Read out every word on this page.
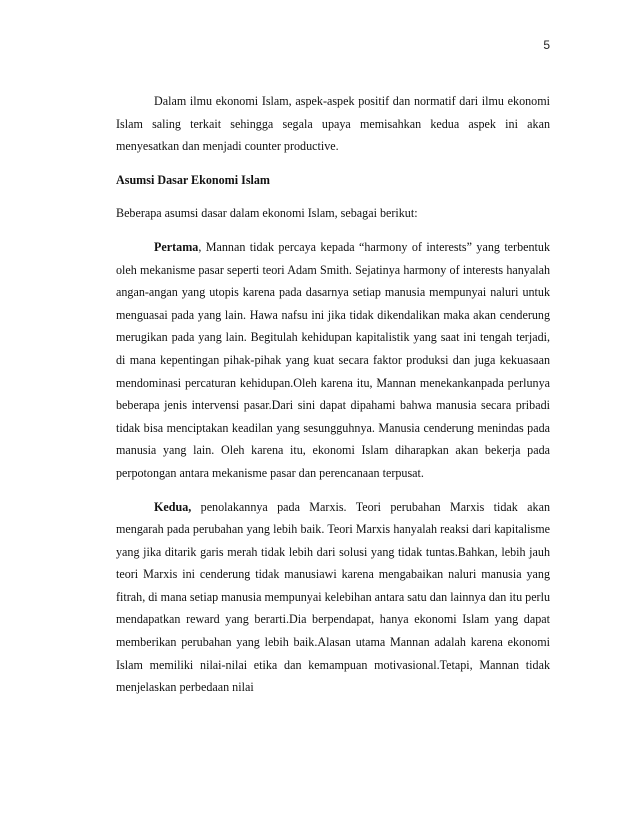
5

Dalam ilmu ekonomi Islam, aspek-aspek positif dan normatif dari ilmu ekonomi Islam saling terkait sehingga segala upaya memisahkan kedua aspek ini akan menyesatkan dan menjadi counter productive.

Asumsi Dasar Ekonomi Islam

Beberapa asumsi dasar dalam ekonomi Islam, sebagai berikut:

Pertama, Mannan tidak percaya kepada “harmony of interests” yang terbentuk oleh mekanisme pasar seperti teori Adam Smith. Sejatinya harmony of interests hanyalah angan-angan yang utopis karena pada dasarnya setiap manusia mempunyai naluri untuk menguasai pada yang lain. Hawa nafsu ini jika tidak dikendalikan maka akan cenderung merugikan pada yang lain. Begitulah kehidupan kapitalistik yang saat ini tengah terjadi, di mana kepentingan pihak-pihak yang kuat secara faktor produksi dan juga kekuasaan mendominasi percaturan kehidupan.Oleh karena itu, Mannan menekankanpada perlunya beberapa jenis intervensi pasar.Dari sini dapat dipahami bahwa manusia secara pribadi tidak bisa menciptakan keadilan yang sesungguhnya. Manusia cenderung menindas pada manusia yang lain. Oleh karena itu, ekonomi Islam diharapkan akan bekerja pada perpotongan antara mekanisme pasar dan perencanaan terpusat.

Kedua, penolakannya pada Marxis. Teori perubahan Marxis tidak akan mengarah pada perubahan yang lebih baik. Teori Marxis hanyalah reaksi dari kapitalisme yang jika ditarik garis merah tidak lebih dari solusi yang tidak tuntas.Bahkan, lebih jauh teori Marxis ini cenderung tidak manusiawi karena mengabaikan naluri manusia yang fitrah, di mana setiap manusia mempunyai kelebihan antara satu dan lainnya dan itu perlu mendapatkan reward yang berarti.Dia berpendapat, hanya ekonomi Islam yang dapat memberikan perubahan yang lebih baik.Alasan utama Mannan adalah karena ekonomi Islam memiliki nilai-nilai etika dan kemampuan motivasional.Tetapi, Mannan tidak menjelaskan perbedaan nilai
